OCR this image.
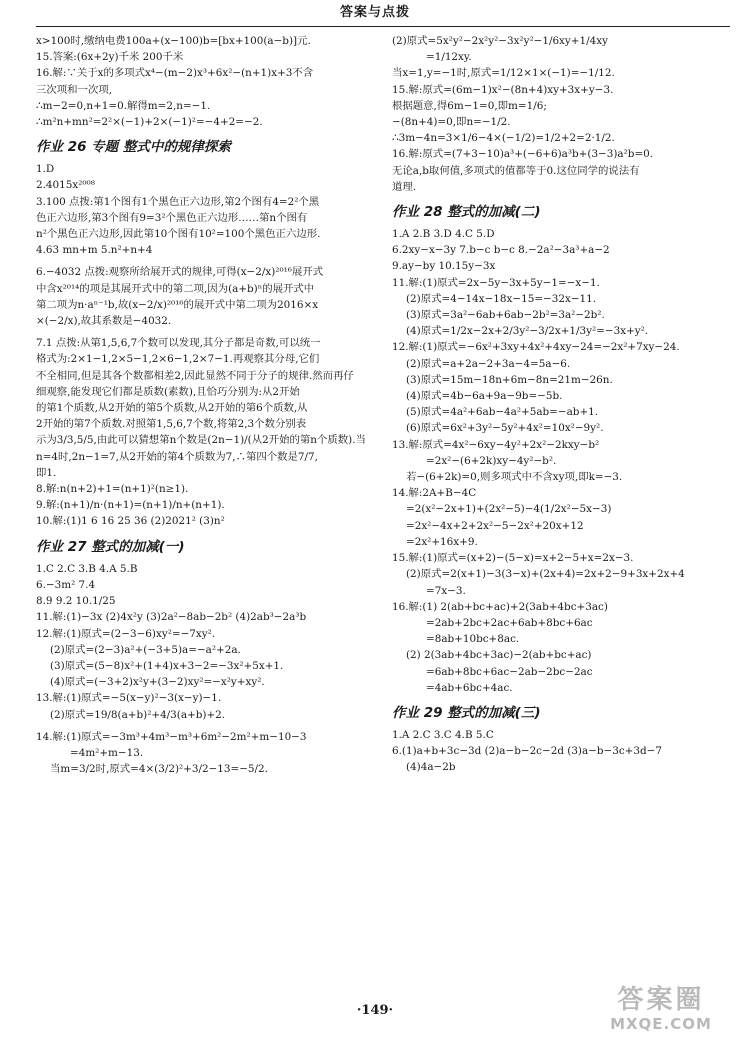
答案与点拨
x>100时,缴纳电费100a+(x−100)b=[bx+100(a−b)]元.
15.答案:(6x+2y)千米 200千米
16.解:∵关于x的多项式x⁴−(m−2)x³+6x²−(n+1)x+3不含
三次项和一次项,
∴m−2=0,n+1=0.解得m=2,n=−1.
∴m²n+mn²=2²×(−1)+2×(−1)²=−4+2=−2.
作业 26 专题 整式中的规律探索
1.D
2.4015x²⁰⁰⁸
3.100 点拨:第1个图有1个黑色正六边形,第2个图有4=2²个黑
色正六边形,第3个图有9=3²个黑色正六边形……第n个图有
n²个黑色正六边形,因此第10个图有10²=100个黑色正六边形.
4.63 mn+m 5.n²+n+4
6.−4032 点拨:观察所给展开式的规律,可得(x−2/x)²⁰¹⁶展开式
中含x²⁰¹⁴的项是其展开式中的第二项,因为(a+b)ⁿ的展开式中
第二项为n·aⁿ⁻¹b,故(x−2/x)²⁰¹⁶的展开式中第二项为2016×x
×(−2/x),故其系数是−4032.
7.1 点拨:从第1,5,6,7个数可以发现,其分子都是奇数,可以统一
格式为:2×1−1,2×5−1,2×6−1,2×7−1.再观察其分母,它们
不全相同,但是其各个数都相差2,因此显然不同于分子的规律.然而再仔
细观察,能发现它们都是质数(素数),且恰巧分别为:从2开始
的第1个质数,从2开始的第5个质数,从2开始的第6个质数,从
2开始的第7个质数.对照第1,5,6,7个数,将第2,3个数分别表
示为3/3,5/5,由此可以猜想第n个数是(2n−1)/(从2开始的第n个质数).当
n=4时,2n−1=7,从2开始的第4个质数为7,∴第四个数是7/7,
即1.
8.解:n(n+2)+1=(n+1)²(n≥1).
9.解:(n+1)/n·(n+1)=(n+1)/n+(n+1).
10.解:(1)1 6 16 25 36 (2)2021² (3)n²
作业 27 整式的加减(一)
1.C 2.C 3.B 4.A 5.B
6.−3m² 7.4
8.9 9.2 10.1/25
11.解:(1)−3x (2)4x²y (3)2a²−8ab−2b² (4)2ab³−2a³b
12.解:(1)原式=(2−3−6)xy²=−7xy².
(2)原式=(2−3)a²+(−3+5)a=−a²+2a.
(3)原式=(5−8)x²+(1+4)x+3−2=−3x²+5x+1.
(4)原式=(−3+2)x²y+(3−2)xy²=−x²y+xy².
13.解:(1)原式=−5(x−y)²−3(x−y)−1.
(2)原式=19/8(a+b)²+4/3(a+b)+2.
14.解:(1)原式=−3m³+4m³−m³+6m²−2m²+m−10−3
=4m²+m−13.
当m=3/2时,原式=4×(3/2)²+3/2−13=−5/2.
(2)原式=5x²y²−2x²y²−3x²y²−1/6xy+1/4xy
=1/12xy.
当x=1,y=−1时,原式=1/12×1×(−1)=−1/12.
15.解:原式=(6m−1)x²−(8n+4)xy+3x+y−3.
根据题意,得6m−1=0,即m=1/6;
−(8n+4)=0,即n=−1/2.
∴3m−4n=3×1/6−4×(−1/2)=1/2+2=2·1/2.
16.解:原式=(7+3−10)a³+(−6+6)a³b+(3−3)a²b=0.
无论a,b取何值,多项式的值都等于0.这位同学的说法有
道理.
作业 28 整式的加减(二)
1.A 2.B 3.D 4.C 5.D
6.2xy−x−3y 7.b−c b−c 8.−2a²−3a³+a−2
9.ay−by 10.15y−3x
11.解:(1)原式=2x−5y−3x+5y−1=−x−1.
(2)原式=4−14x−18x−15=−32x−11.
(3)原式=3a²−6ab+6ab−2b²=3a²−2b².
(4)原式=1/2x−2x+2/3y²−3/2x+1/3y²=−3x+y².
12.解:(1)原式=−6x²+3xy+4x²+4xy−24=−2x²+7xy−24.
(2)原式=a+2a−2+3a−4=5a−6.
(3)原式=15m−18n+6m−8n=21m−26n.
(4)原式=4b−6a+9a−9b=−5b.
(5)原式=4a²+6ab−4a²+5ab=−ab+1.
(6)原式=6x²+3y²−5y²+4x²=10x²−9y².
13.解:原式=4x²−6xy−4y²+2x²−2kxy−b²
=2x²−(6+2k)xy−4y²−b².
若−(6+2k)=0,则多项式中不含xy项,即k=−3.
14.解:2A+B−4C
=2(x²−2x+1)+(2x²−5)−4(1/2x²−5x−3)
=2x²−4x+2+2x²−5−2x²+20x+12
=2x²+16x+9.
15.解:(1)原式=(x+2)−(5−x)=x+2−5+x=2x−3.
(2)原式=2(x+1)−3(3−x)+(2x+4)=2x+2−9+3x+2x+4
=7x−3.
16.解:(1) 2(ab+bc+ac)+2(3ab+4bc+3ac)
=2ab+2bc+2ac+6ab+8bc+6ac
=8ab+10bc+8ac.
(2) 2(3ab+4bc+3ac)−2(ab+bc+ac)
=6ab+8bc+6ac−2ab−2bc−2ac
=4ab+6bc+4ac.
作业 29 整式的加减(三)
1.A 2.C 3.C 4.B 5.C
6.(1)a+b+3c−3d (2)a−b−2c−2d (3)a−b−3c+3d−7
(4)4a−2b
·149·	答案圈
MXQE.COM
